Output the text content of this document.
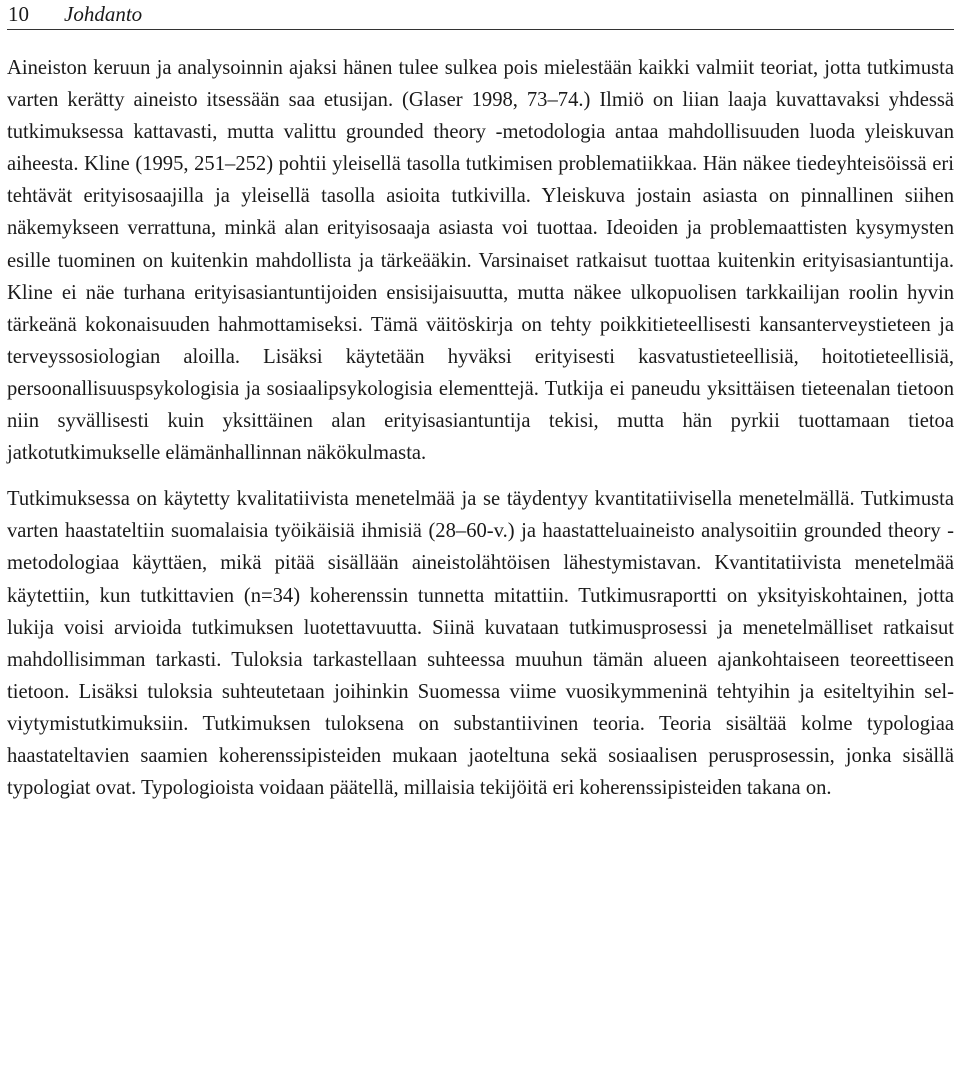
10	Johdanto

Aineiston keruun ja analysoinnin ajaksi hänen tulee sulkea pois mielestään kaikki valmiit teoriat, jotta tutkimusta varten kerätty aineisto itsessään saa etusijan. (Glaser 1998, 73–74.) Ilmiö on liian laaja kuvattavaksi yhdessä tutkimuksessa kattavasti, mutta valittu grounded theory -metodologia antaa mahdollisuuden luoda yleiskuvan aiheesta. Kline (1995, 251–252) pohtii yleisellä tasolla tutkimisen problematiikkaa. Hän näkee tiedeyhteisöissä eri tehtävät erityisosaajilla ja yleisellä tasolla asioita tutkivilla. Yleiskuva jostain asiasta on pinnallinen siihen näkemykseen verrattuna, minkä alan erityisosaaja asiasta voi tuottaa. Ideoiden ja problemaattisten kysymysten esille tuominen on kuitenkin mahdollista ja tärkeääkin. Varsinaiset ratkaisut tuottaa kuitenkin erityisasiantuntija. Kline ei näe turhana erityisasiantuntijoiden ensisijaisuutta, mutta näkee ulkopuolisen tarkkailijan roolin hyvin tärkeänä kokonaisuuden hahmottamiseksi. Tämä väitöskirja on tehty poikkitieteellisesti kansanterveystieteen ja terveyssosiologian aloilla. Lisäksi käytetään hyväksi erityisesti kasvatustieteellisiä, hoitotieteellisiä, persoonallisuuspsykologisia ja sosiaalipsykologisia elementtejä. Tutkija ei paneudu yksittäisen tieteenalan tietoon niin syvällisesti kuin yksittäinen alan erityisasiantuntija tekisi, mutta hän pyrkii tuottamaan tietoa jatkotutkimukselle elämänhallinnan näkökulmasta.

Tutkimuksessa on käytetty kvalitatiivista menetelmää ja se täydentyy kvantitatiivisella menetelmällä. Tutkimusta varten haastateltiin suomalaisia työikäisiä ihmisiä (28–60-v.) ja haastatteluaineisto analysoitiin grounded theory -metodologiaa käyttäen, mikä pitää sisällään aineistolähtöisen lähestymistavan. Kvantitatiivista menetelmää käytettiin, kun tutkittavien (n=34) koherenssin tunnetta mitattiin. Tutkimusraportti on yksityiskohtainen, jotta lukija voisi arvioida tutkimuksen luotettavuutta. Siinä kuvataan tutkimusprosessi ja menetelmälliset ratkaisut mahdollisimman tarkasti. Tuloksia tarkastellaan suhteessa muuhun tämän alueen ajankohtaiseen teoreettiseen tietoon. Lisäksi tuloksia suhteutetaan joihinkin Suomessa viime vuosikymmeninä tehtyihin ja esiteltyihin selviytymistutkimuksiin. Tutkimuksen tuloksena on substantiivinen teoria. Teoria sisältää kolme typologiaa haastateltavien saamien koherenssipisteiden mukaan jaoteltuna sekä sosiaalisen perusprosessin, jonka sisällä typologiat ovat. Typologioista voidaan päätellä, millaisia tekijöitä eri koherenssipisteiden takana on.
